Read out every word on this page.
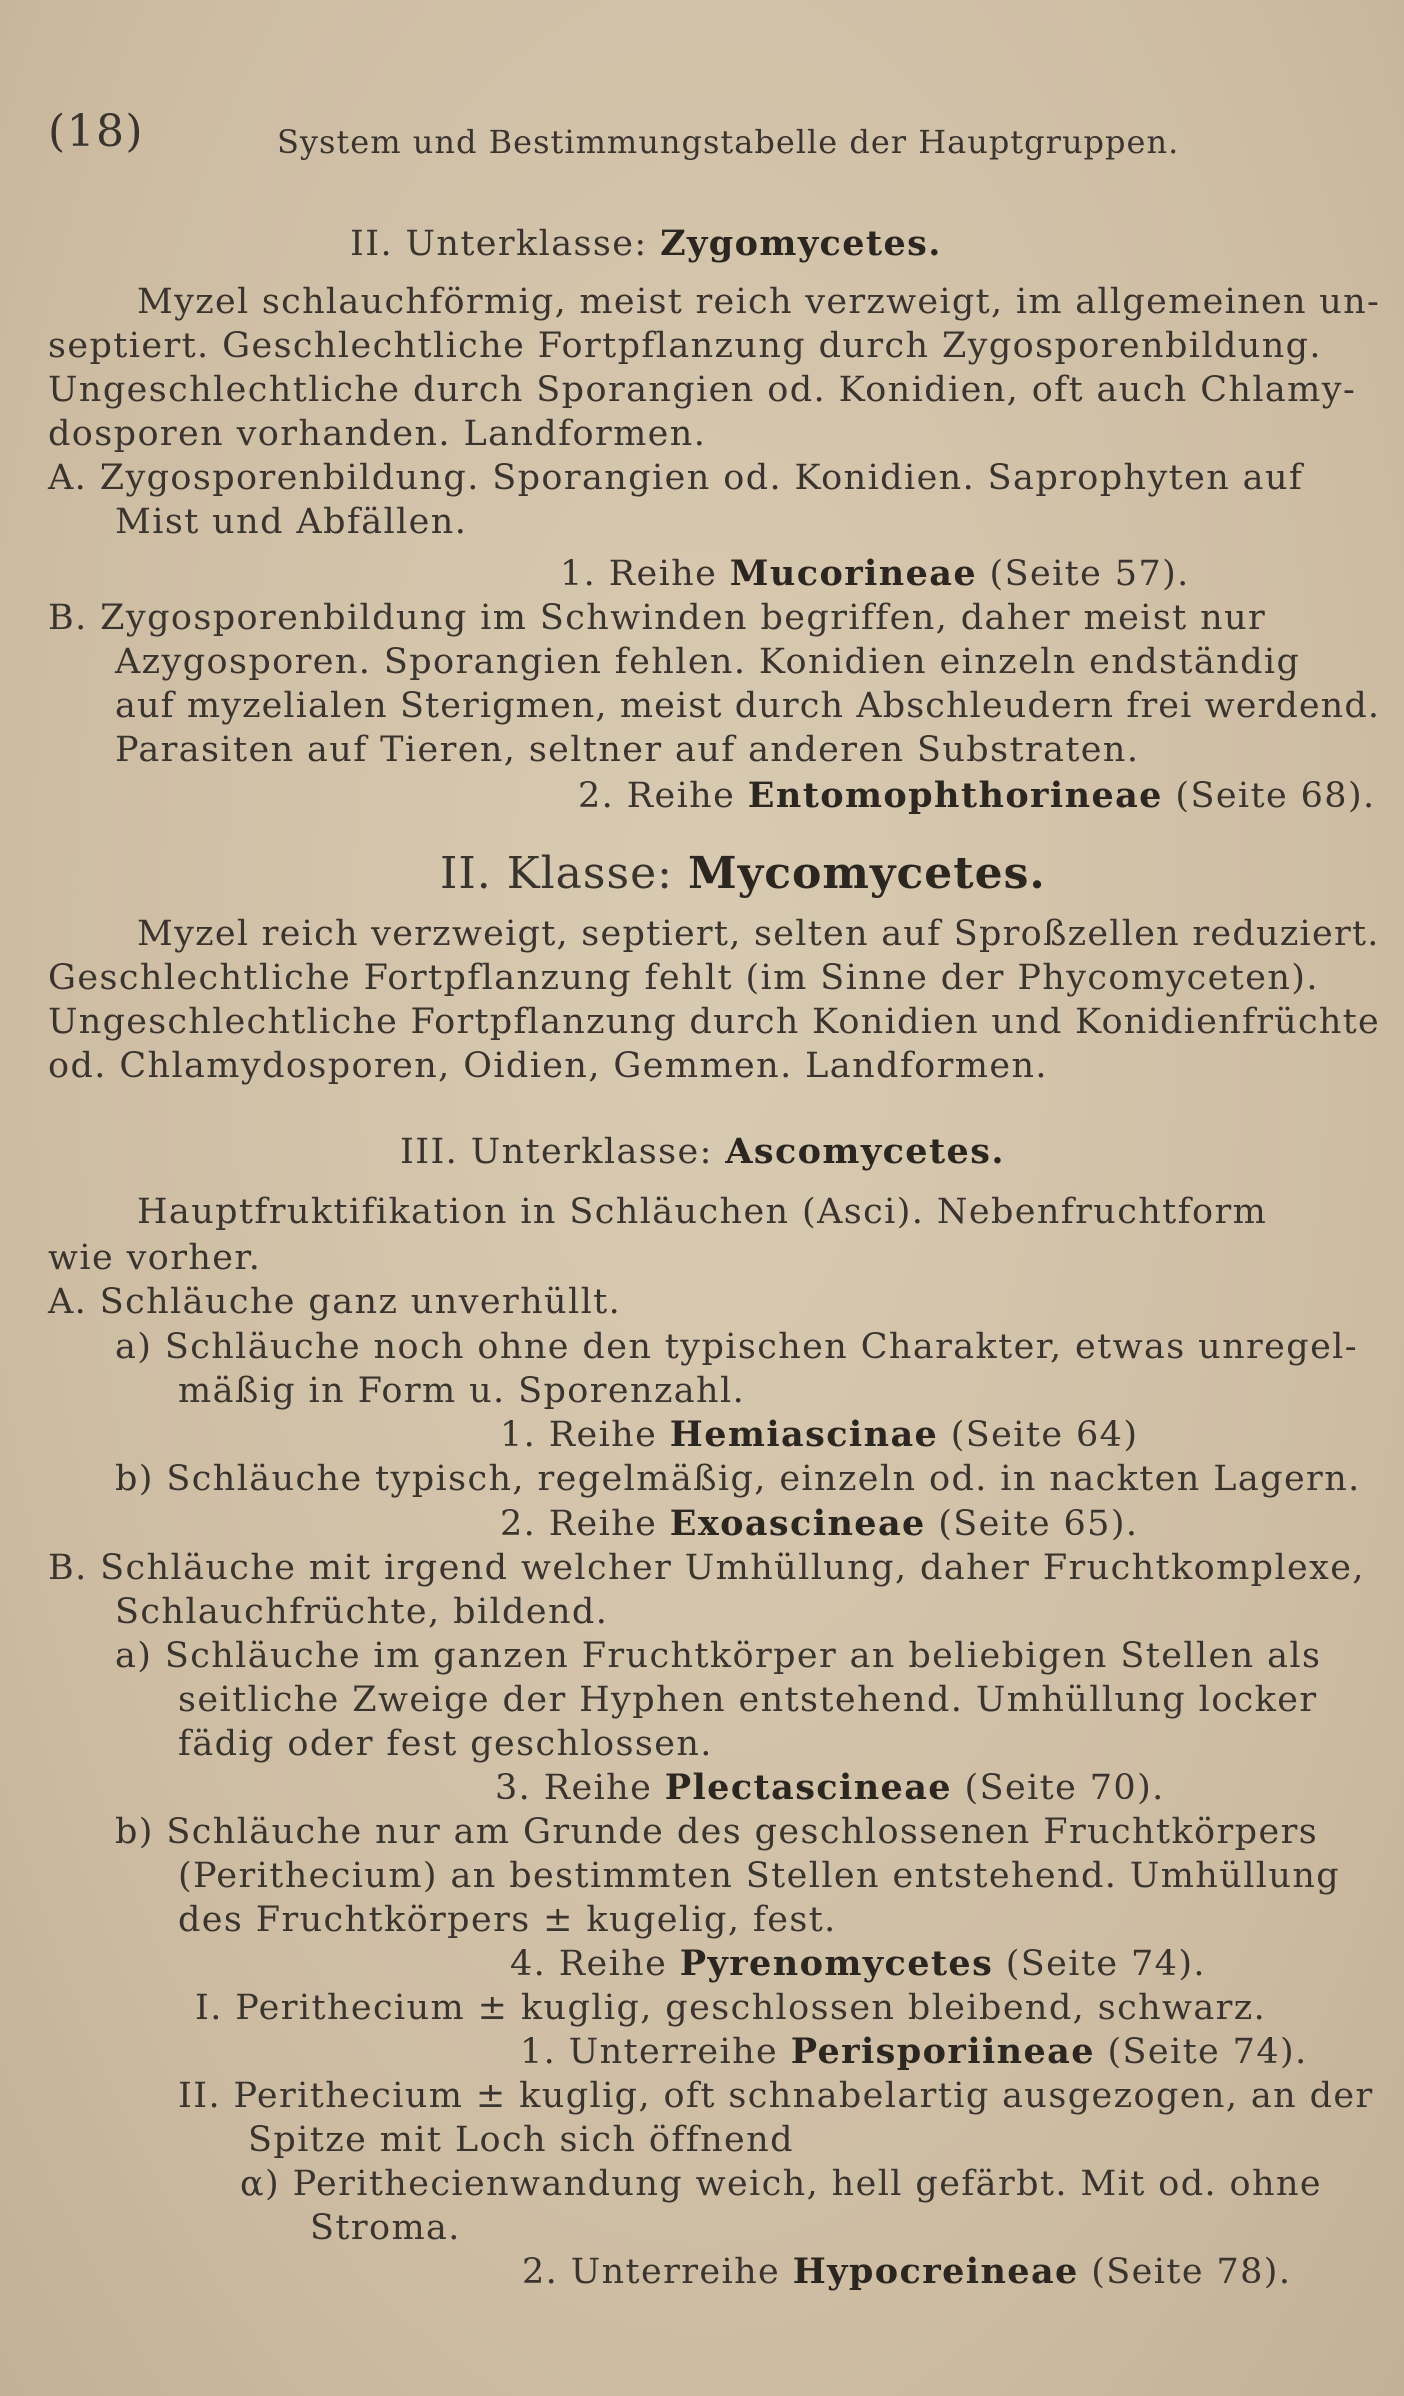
(18)	System und Bestimmungstabelle der Hauptgruppen.
II. Unterklasse: Zygomycetes.
Myzel schlauchförmig, meist reich verzweigt, im allgemeinen un-
septiert. Geschlechtliche Fortpflanzung durch Zygosporenbildung.
Ungeschlechtliche durch Sporangien od. Konidien, oft auch Chlamy-
dosporen vorhanden. Landformen.
A. Zygosporenbildung. Sporangien od. Konidien. Saprophyten auf
Mist und Abfällen.
1. Reihe Mucorineae (Seite 57).
B. Zygosporenbildung im Schwinden begriffen, daher meist nur
Azygosporen. Sporangien fehlen. Konidien einzeln endständig
auf myzelialen Sterigmen, meist durch Abschleudern frei werdend.
Parasiten auf Tieren, seltner auf anderen Substraten.
2. Reihe Entomophthorineae (Seite 68).
II. Klasse: Mycomycetes.
Myzel reich verzweigt, septiert, selten auf Sproßzellen reduziert.
Geschlechtliche Fortpflanzung fehlt (im Sinne der Phycomyceten).
Ungeschlechtliche Fortpflanzung durch Konidien und Konidienfrüchte
od. Chlamydosporen, Oidien, Gemmen. Landformen.
III. Unterklasse: Ascomycetes.
Hauptfruktifikation in Schläuchen (Asci). Nebenfruchtform
wie vorher.
A. Schläuche ganz unverhüllt.
a) Schläuche noch ohne den typischen Charakter, etwas unregel-
mäßig in Form u. Sporenzahl.
1. Reihe Hemiascinae (Seite 64)
b) Schläuche typisch, regelmäßig, einzeln od. in nackten Lagern.
2. Reihe Exoascineae (Seite 65).
B. Schläuche mit irgend welcher Umhüllung, daher Fruchtkomplexe,
Schlauchfrüchte, bildend.
a) Schläuche im ganzen Fruchtkörper an beliebigen Stellen als
seitliche Zweige der Hyphen entstehend. Umhüllung locker
fädig oder fest geschlossen.
3. Reihe Plectascineae (Seite 70).
b) Schläuche nur am Grunde des geschlossenen Fruchtkörpers
(Perithecium) an bestimmten Stellen entstehend. Umhüllung
des Fruchtkörpers ± kugelig, fest.
4. Reihe Pyrenomycetes (Seite 74).
I. Perithecium ± kuglig, geschlossen bleibend, schwarz.
1. Unterreihe Perisporiineae (Seite 74).
II. Perithecium ± kuglig, oft schnabelartig ausgezogen, an der
Spitze mit Loch sich öffnend
α) Perithecienwandung weich, hell gefärbt. Mit od. ohne
Stroma.
2. Unterreihe Hypocreineae (Seite 78).
